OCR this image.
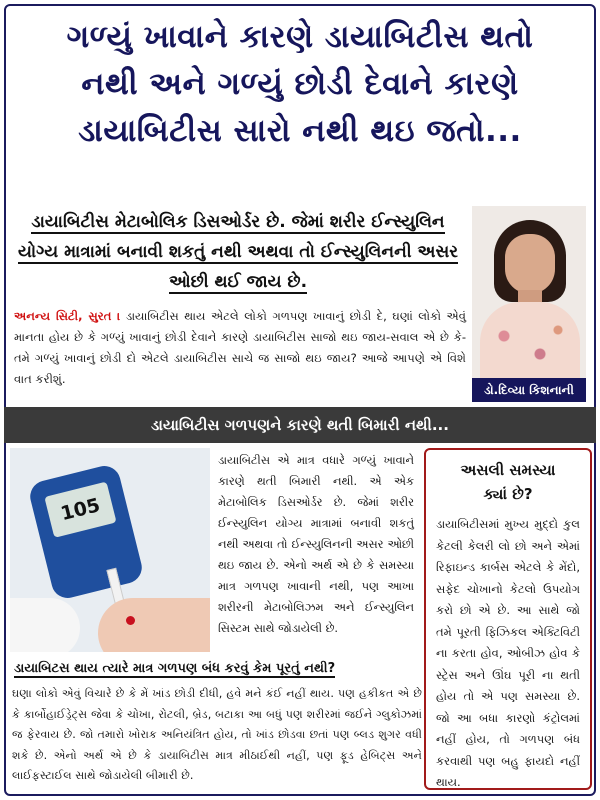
ગળ્યું ખાવાને કારણે ડાયાબિટીસ થતો
નથી અને ગળ્યું છોડી દેવાને કારણે
ડાયાબિટીસ સારો નથી થઇ જતો...
ડાયાબિટીસ મેટાબોલિક ડિસઓર્ડર છે. જેમાં શરીર ઈન્સ્યુલિન યોગ્ય માત્રામાં બનાવી શકતું નથી અથવા તો ઈન્સ્યુલિનની અસર ઓછી થઈ જાય છે.
ડો.દિવ્યા કિશનાની
અનન્ય સિટી, સુરત । ડાયાબિટીસ થાય એટલે લોકો ગળપણ ખાવાનું છોડી દે, ઘણાં લોકો એવું માનતા હોય છે કે ગળ્યું ખાવાનું છોડી દેવાને કારણે ડાયાબિટીસ સાજો થઇ જાય-સવાલ એ છે કે-તમે ગળ્યું ખાવાનું છોડી દો એટલે ડાયાબિટીસ સાચે જ સાજો થઇ જાય? આજે આપણે એ વિશે વાત કરીશું.
ડાયાબિટીસ ગળપણને કારણે થતી બિમારી નથી...
105
ડાયાબિટીસ એ માત્ર વધારે ગળ્યું ખાવાને કારણે થતી બિમારી નથી. એ એક મેટાબોલિક ડિસઓર્ડર છે. જેમાં શરીર ઈન્સ્યુલિન યોગ્ય માત્રામાં બનાવી શકતું નથી અથવા તો ઈન્સ્યુલિનની અસર ઓછી થઇ જાય છે. એનો અર્થ એ છે કે સમસ્યા માત્ર ગળપણ ખાવાની નથી, પણ આખા શરીરની મેટાબોલિઝમ અને ઈન્સ્યુલિન સિસ્ટમ સાથે જોડાયેલી છે.
અસલી સમસ્યા
ક્યાં છે?
ડાયાબિટીસમાં મુખ્ય મુદ્દો કુલ કેટલી કેલરી લો છો અને એમાં રિફાઇન્ડ કાર્બસ એટલે કે મેંદો, સફેદ ચોખાનો કેટલો ઉપયોગ કરો છો એ છે. આ સાથે જો તમે પૂરતી ફિઝિકલ એક્ટિવિટી ના કરતા હોવ, ઓબીઝ હોવ કે સ્ટ્રેસ અને ઊંઘ પૂરી ના થતી હોય તો એ પણ સમસ્યા છે. જો આ બધા કારણો કંટ્રોલમાં નહીં હોય, તો ગળપણ બંધ કરવાથી પણ બહુ ફાયદો નહીં થાય.
ડાયાબિટસ થાય ત્યારે માત્ર ગળપણ બંધ કરવું કેમ પૂરતું નથી?
ઘણા લોકો એવું વિચારે છે કે મેં ખાંડ છોડી દીધી, હવે મને કંઈ નહીં થાય. પણ હકીકત એ છે કે કાર્બોહાઈડ્રેટ્સ જેવા કે ચોખા, રોટલી, બ્રેડ, બટાકા આ બધું પણ શરીરમાં જઈને ગ્લુકોઝમાં જ ફેરવાય છે. જો તમારો ખોરાક અનિયંત્રિત હોય, તો ખાંડ છોડવા છતાં પણ બ્લડ શુગર વધી શકે છે. એનો અર્થ એ છે કે ડાયાબિટીસ માત્ર મીઠાઈથી નહીં, પણ ફૂડ હેબિટ્સ અને લાઈફસ્ટાઈલ સાથે જોડાયેલી બીમારી છે.
